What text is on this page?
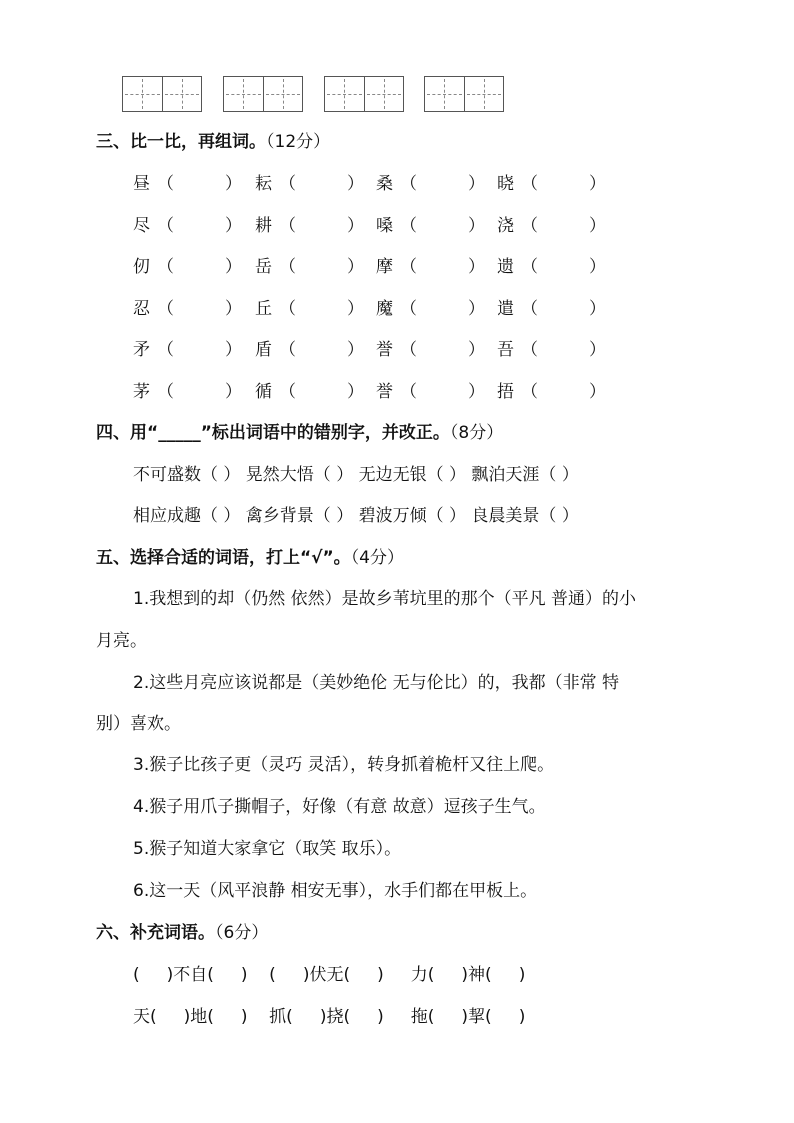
三、比一比，再组词。（12分）
昼 （	） 耘 （	） 桑 （	） 晓 （	）
尽 （	） 耕 （	） 嗓 （	） 浇 （	）
仞 （	） 岳 （	） 摩 （	） 遗 （	）
忍 （	） 丘 （	） 魔 （	） 遣 （	）
矛 （	） 盾 （	） 誉 （	） 吾 （	）
茅 （	） 循 （	） 誉 （	） 捂 （	）
四、用“_____”标出词语中的错别字，并改正。（8分）
不可盛数（ ） 晃然大悟（ ） 无边无银（ ） 飘泊天涯（ ）
相应成趣（ ） 禽乡背景（ ） 碧波万倾（ ） 良晨美景（ ）
五、选择合适的词语，打上“√”。（4分）
1.我想到的却（仍然 依然）是故乡苇坑里的那个（平凡 普通）的小
月亮。
2.这些月亮应该说都是（美妙绝伦 无与伦比）的，我都（非常 特
别）喜欢。
3.猴子比孩子更（灵巧 灵活），转身抓着桅杆又往上爬。
4.猴子用爪子撕帽子，好像（有意 故意）逗孩子生气。
5.猴子知道大家拿它（取笑 取乐）。
6.这一天（风平浪静 相安无事），水手们都在甲板上。
六、补充词语。（6分）
(     )不自(     )    (     )伏无(     )     力(     )神(     )
天(     )地(     )    抓(     )挠(     )     拖(     )挈(     )
